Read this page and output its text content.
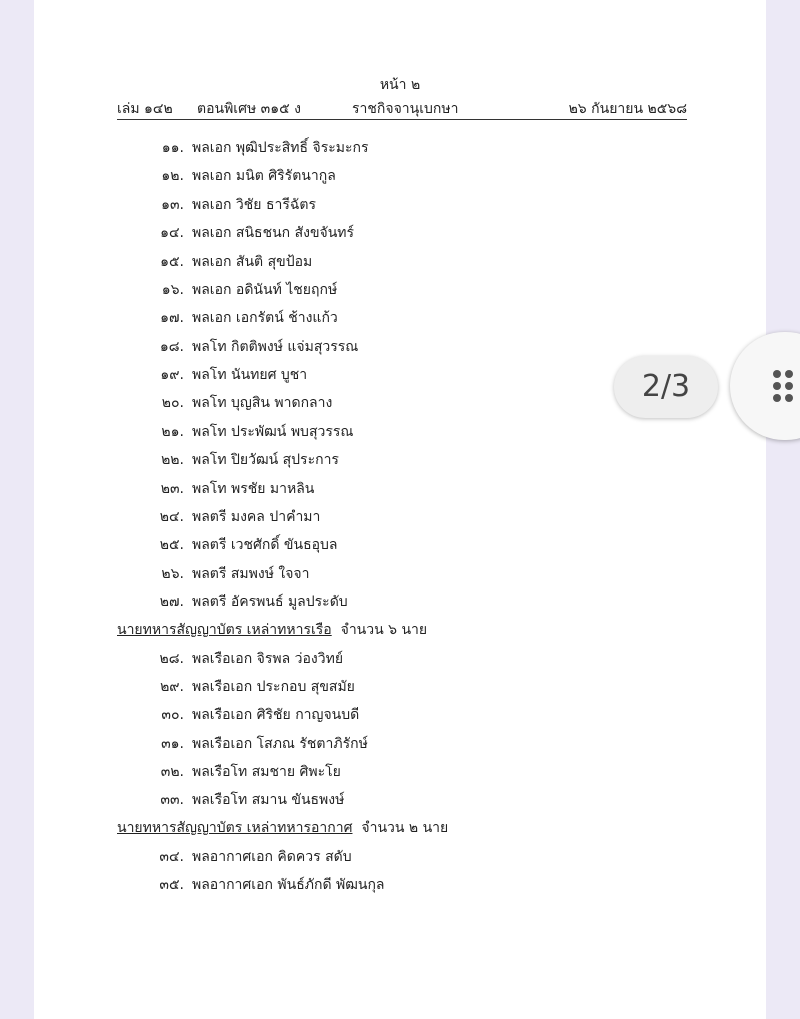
หน้า ๒
เล่ม ๑๔๒ ตอนพิเศษ ๓๑๕ ง	ราชกิจจานุเบกษา	๒๖ กันยายน ๒๕๖๘
๑๑. พลเอก พุฒิประสิทธิ์ จิระมะกร
๑๒. พลเอก มนิต ศิริรัตนากูล
๑๓. พลเอก วิชัย ธารีฉัตร
๑๔. พลเอก สนิธชนก สังขจันทร์
๑๕. พลเอก สันติ สุขป้อม
๑๖. พลเอก อดินันท์ ไชยฤกษ์
๑๗. พลเอก เอกรัตน์ ช้างแก้ว
๑๘. พลโท กิตติพงษ์ แจ่มสุวรรณ
๑๙. พลโท นันทยศ บูชา
๒๐. พลโท บุญสิน พาดกลาง
๒๑. พลโท ประพัฒน์ พบสุวรรณ
๒๒. พลโท ปิยวัฒน์ สุประการ
๒๓. พลโท พรชัย มาหลิน
๒๔. พลตรี มงคล ปาคำมา
๒๕. พลตรี เวชศักดิ์ ขันธอุบล
๒๖. พลตรี สมพงษ์ ใจจา
๒๗. พลตรี อัครพนธ์ มูลประดับ
นายทหารสัญญาบัตร เหล่าทหารเรือ จำนวน ๖ นาย
๒๘. พลเรือเอก จิรพล ว่องวิทย์
๒๙. พลเรือเอก ประกอบ สุขสมัย
๓๐. พลเรือเอก ศิริชัย กาญจนบดี
๓๑. พลเรือเอก โสภณ รัชตาภิรักษ์
๓๒. พลเรือโท สมชาย ศิพะโย
๓๓. พลเรือโท สมาน ขันธพงษ์
นายทหารสัญญาบัตร เหล่าทหารอากาศ จำนวน ๒ นาย
๓๔. พลอากาศเอก คิดควร สดับ
๓๕. พลอากาศเอก พันธ์ภักดี พัฒนกุล
2/3
